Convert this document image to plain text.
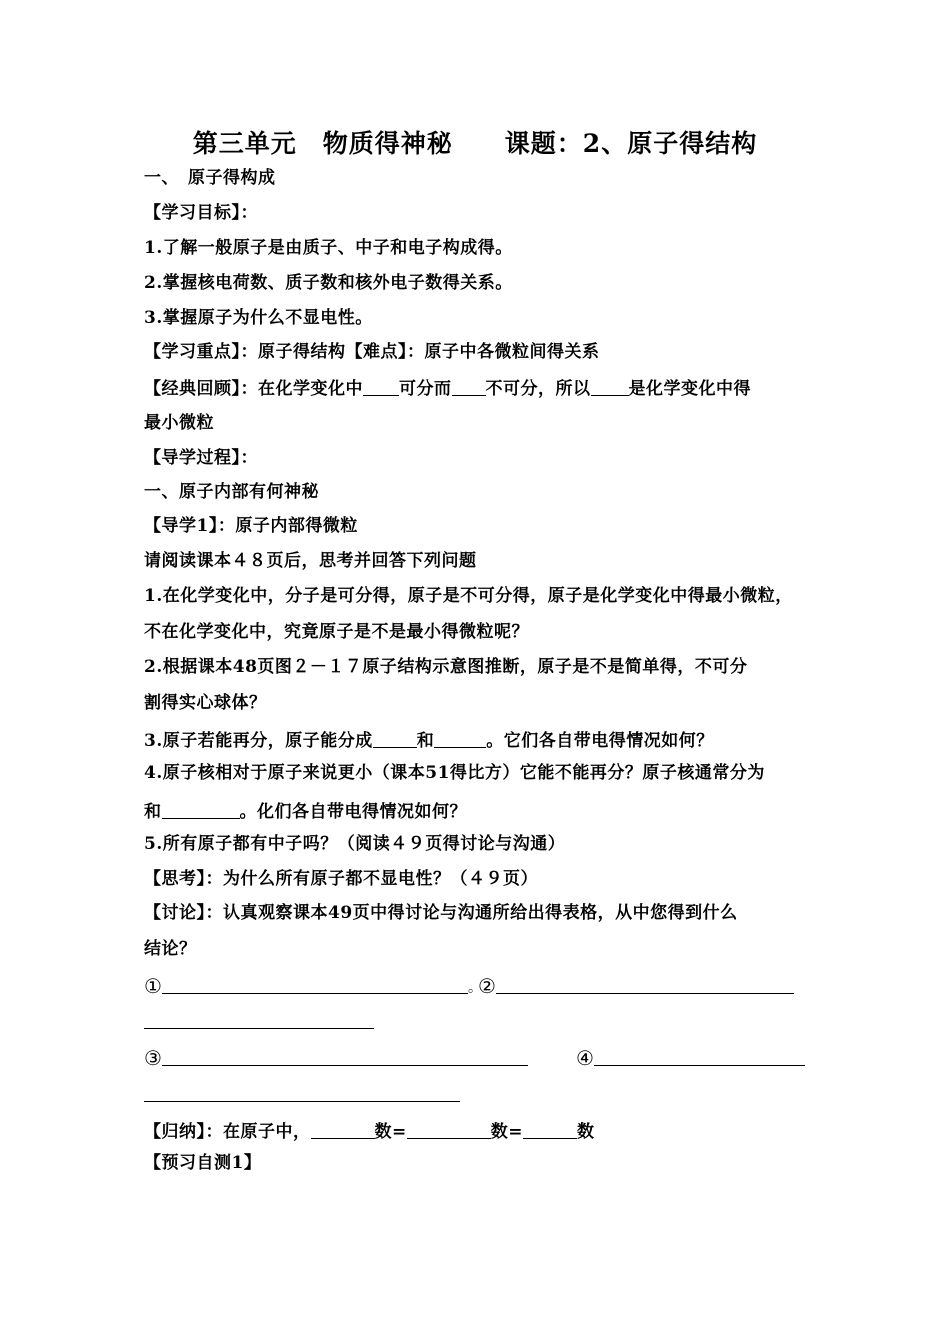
第三单元　物质得神秘　　课题：2、原子得结构
一、　原子得构成
【学习目标】：
1.了解一般原子是由质子、中子和电子构成得。
2.掌握核电荷数、质子数和核外电子数得关系。
3.掌握原子为什么不显电性。
【学习重点】：原子得结构【难点】：原子中各微粒间得关系
【经典回顾】：在化学变化中 可分而 不可分，所以 是化学变化中得
最小微粒
【导学过程】：
一、原子内部有何神秘
【导学1】：原子内部得微粒
请阅读课本４８页后，思考并回答下列问题
1.在化学变化中，分子是可分得，原子是不可分得，原子是化学变化中得最小微粒，
不在化学变化中，究竟原子是不是最小得微粒呢？
2.根据课本48页图２－１７原子结构示意图推断，原子是不是简单得，不可分
割得实心球体？
3.原子若能再分，原子能分成	和	。它们各自带电得情况如何？
4.原子核相对于原子来说更小（课本51得比方）它能不能再分？原子核通常分为
和	。化们各自带电得情况如何？
5.所有原子都有中子吗？（阅读４９页得讨论与沟通）
【思考】：为什么所有原子都不显电性？（４９页）
【讨论】：认真观察课本49页中得讨论与沟通所给出得表格，从中您得到什么
结论？
①	。
②
③	④
【归纳】：在原子中，	数=	数=	数
【预习自测1】
